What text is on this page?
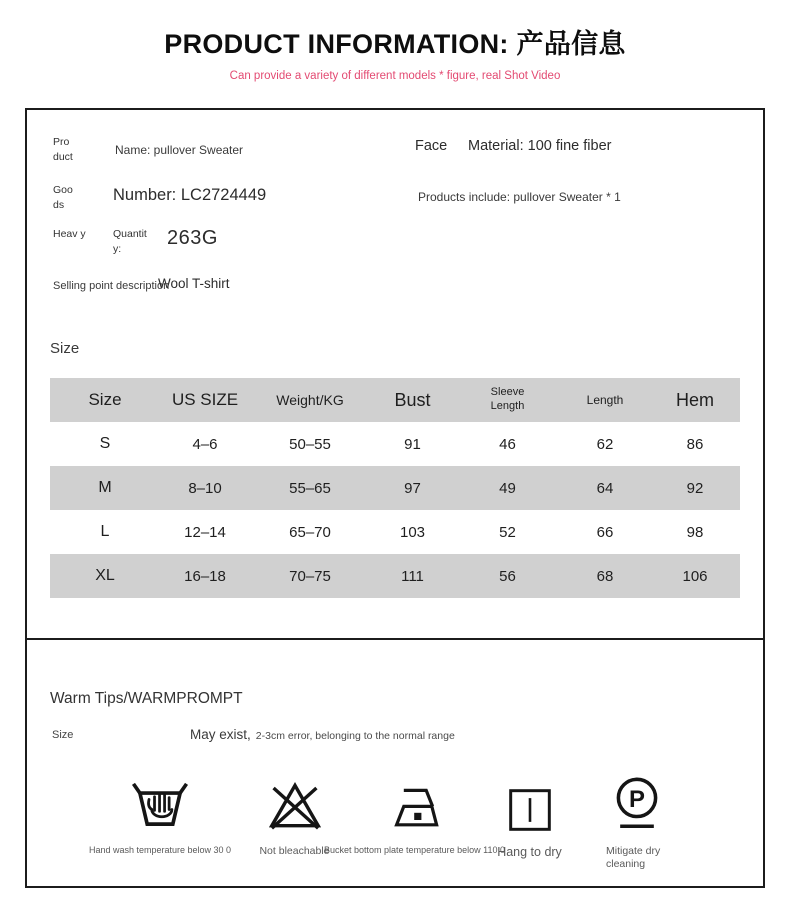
PRODUCT INFORMATION: 产品信息
Can provide a variety of different models * figure, real Shot Video
Pro duct	Name: pullover Sweater	Face Material: 100 fine fiber
Goo ds
Number: LC2724449	Products include: pullover Sweater * 1
Heav y	Quantit y:	263G
Selling point description
Wool T-shirt
Size
Size	US SIZE	Weight/KG	Bust	Sleeve Length	Length	Hem
S	4–6	50–55	91	46	62	86
M	8–10	55–65	97	49	64	92
L	12–14	65–70	103	52	66	98
XL	16–18	70–75	111	56	68	106
Warm Tips/WARMPROMPT
Size	May exist, 2-3cm error, belonging to the normal range
Hand wash temperature below 30 0	Not bleachable
Bucket bottom plate temperature below 110 0
Hang to dry
P
Mitigate dry cleaning
